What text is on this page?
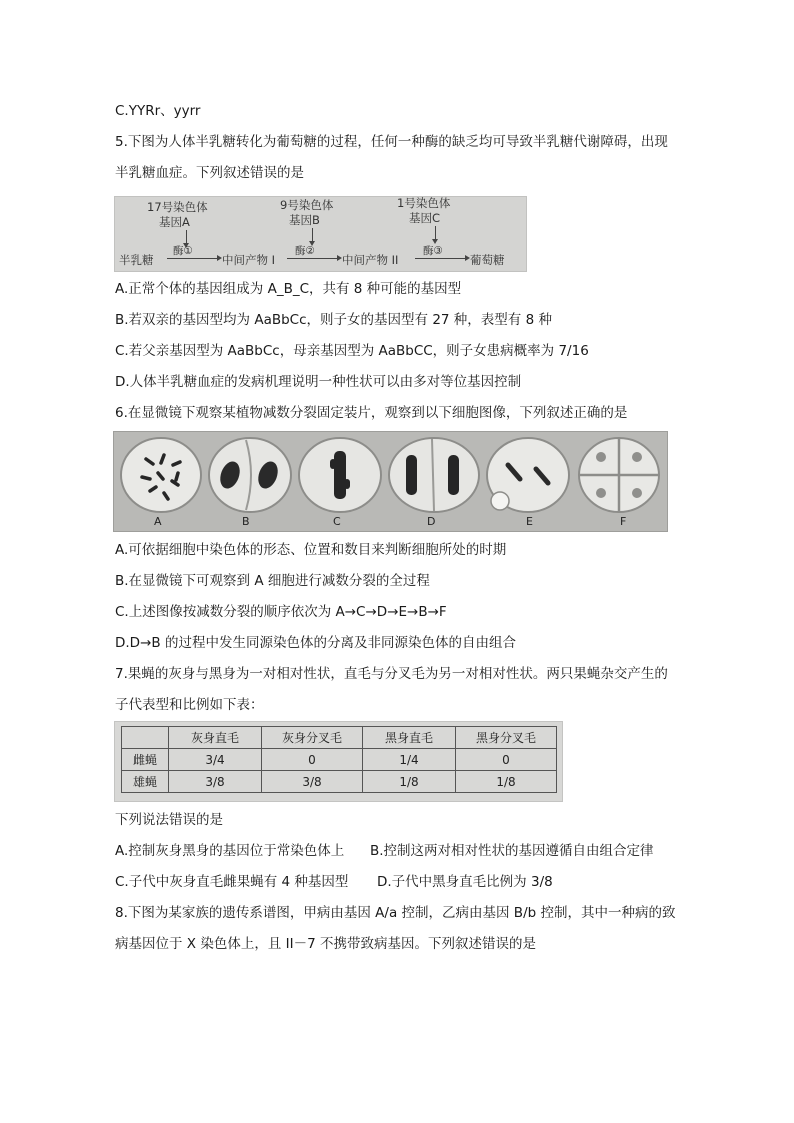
C.YYRr、yyrr
5.下图为人体半乳糖转化为葡萄糖的过程，任何一种酶的缺乏均可导致半乳糖代谢障碍，出现
半乳糖血症。下列叙述错误的是
17号染色体
基因A
9号染色体
基因B
1号染色体
基因C
半乳糖
酶①
→ 中间产物 I
酶②
→ 中间产物 II
酶③
→ 葡萄糖
A.正常个体的基因组成为 A_B_C，共有 8 种可能的基因型
B.若双亲的基因型均为 AaBbCc，则子女的基因型有 27 种，表型有 8 种
C.若父亲基因型为 AaBbCc，母亲基因型为 AaBbCC，则子女患病概率为 7/16
D.人体半乳糖血症的发病机理说明一种性状可以由多对等位基因控制
6.在显微镜下观察某植物减数分裂固定装片，观察到以下细胞图像，下列叙述正确的是
A	B	C	D	E	F
A.可依据细胞中染色体的形态、位置和数目来判断细胞所处的时期
B.在显微镜下可观察到 A 细胞进行减数分裂的全过程
C.上述图像按减数分裂的顺序依次为 A→C→D→E→B→F
D.D→B 的过程中发生同源染色体的分离及非同源染色体的自由组合
7.果蝇的灰身与黑身为一对相对性状，直毛与分叉毛为另一对相对性状。两只果蝇杂交产生的
子代表型和比例如下表：
	灰身直毛	灰身分叉毛	黑身直毛	黑身分叉毛
雌蝇	3/4	0	1/4	0
雄蝇	3/8	3/8	1/8	1/8
下列说法错误的是
A.控制灰身黑身的基因位于常染色体上 B.控制这两对相对性状的基因遵循自由组合定律
C.子代中灰身直毛雌果蝇有 4 种基因型 D.子代中黑身直毛比例为 3/8
8.下图为某家族的遗传系谱图，甲病由基因 A/a 控制，乙病由基因 B/b 控制，其中一种病的致
病基因位于 X 染色体上，且 II－7 不携带致病基因。下列叙述错误的是
